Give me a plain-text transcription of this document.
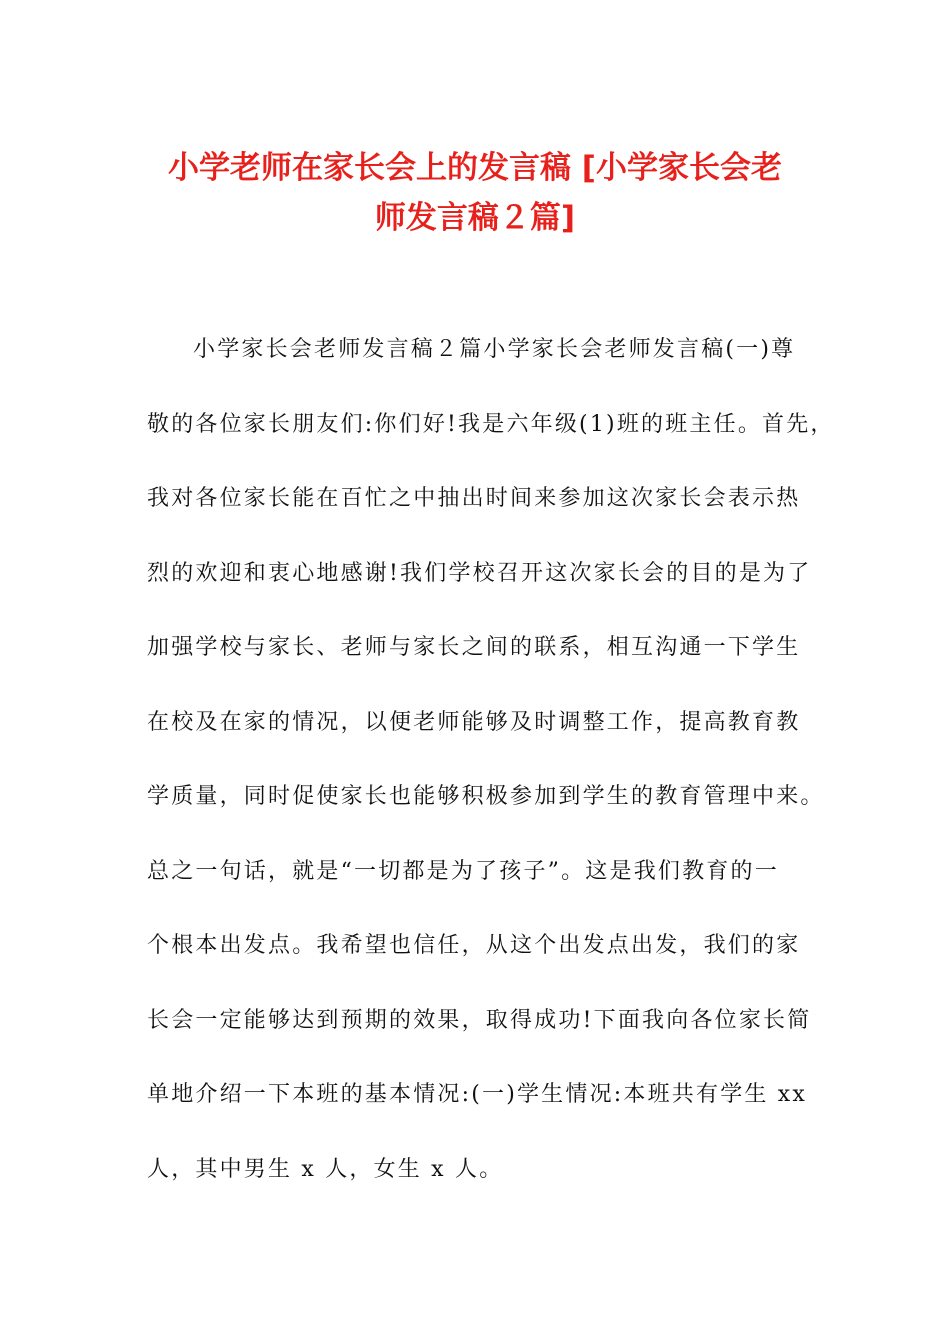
小学老师在家长会上的发言稿 [小学家长会老
师发言稿２篇]
小学家长会老师发言稿２篇小学家长会老师发言稿(一)尊
敬的各位家长朋友们:你们好!我是六年级(1)班的班主任。首先，
我对各位家长能在百忙之中抽出时间来参加这次家长会表示热
烈的欢迎和衷心地感谢!我们学校召开这次家长会的目的是为了
加强学校与家长、老师与家长之间的联系，相互沟通一下学生
在校及在家的情况，以便老师能够及时调整工作，提高教育教
学质量，同时促使家长也能够积极参加到学生的教育管理中来。
总之一句话，就是“一切都是为了孩子”。这是我们教育的一
个根本出发点。我希望也信任，从这个出发点出发，我们的家
长会一定能够达到预期的效果，取得成功!下面我向各位家长简
单地介绍一下本班的基本情况:(一)学生情况:本班共有学生 xx
人，其中男生 x 人，女生 x 人。
